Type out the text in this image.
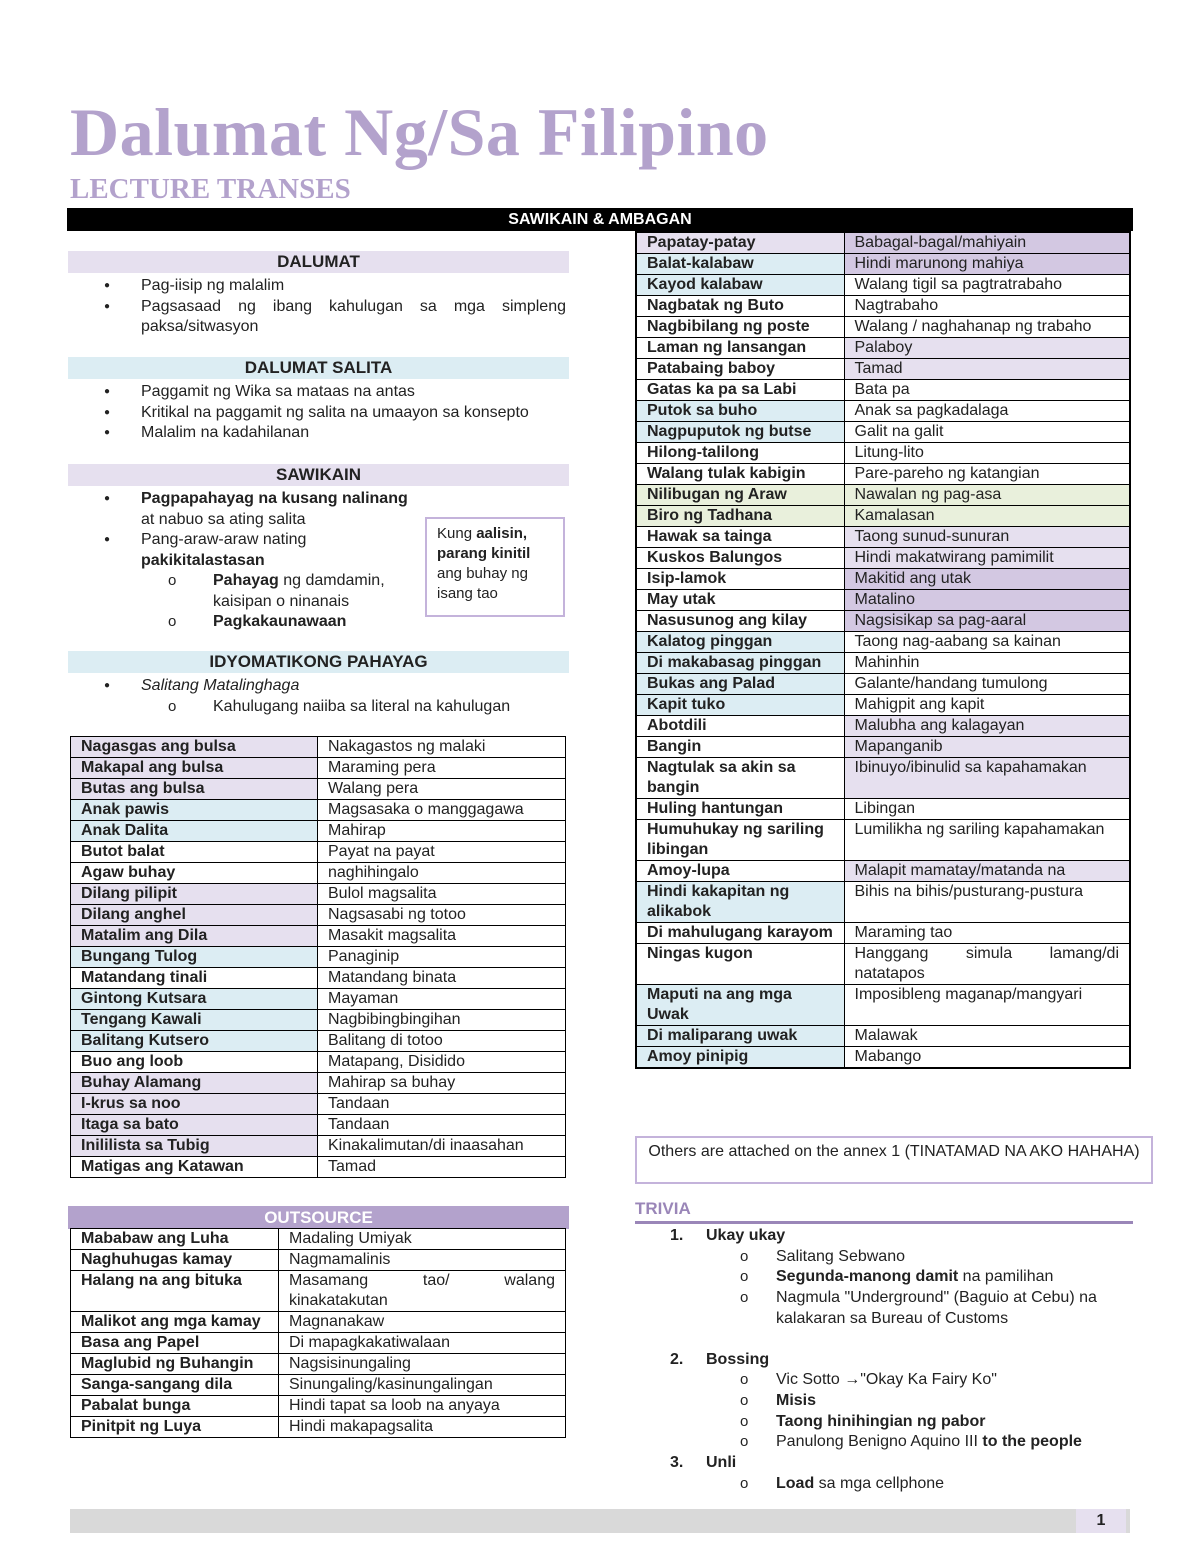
Dalumat Ng/Sa Filipino
LECTURE TRANSES
SAWIKAIN & AMBAGAN
DALUMAT
● Pag-iisip ng malalim
● Pagsasaad ng ibang kahulugan sa mga simpleng paksa/sitwasyon
DALUMAT SALITA
● Paggamit ng Wika sa mataas na antas
● Kritikal na paggamit ng salita na umaayon sa konsepto
● Malalim na kadahilanan
SAWIKAIN
● Pagpapahayag na kusang nalinang at nabuo sa ating salita
● Pang-araw-araw nating pakikitalastasan
o Pahayag ng damdamin, kaisipan o ninanais
o Pagkakaunawaan
Kung aalisin, parang kinitil ang buhay ng isang tao
IDYOMATIKONG PAHAYAG
● Salitang Matalinghaga
o Kahulugang naiiba sa literal na kahulugan
Nagasgas ang bulsa	Nakagastos ng malaki
Makapal ang bulsa	Maraming pera
Butas ang bulsa	Walang pera
Anak pawis	Magsasaka o manggagawa
Anak Dalita	Mahirap
Butot balat	Payat na payat
Agaw buhay	naghihingalo
Dilang pilipit	Bulol magsalita
Dilang anghel	Nagsasabi ng totoo
Matalim ang Dila	Masakit magsalita
Bungang Tulog	Panaginip
Matandang tinali	Matandang binata
Gintong Kutsara	Mayaman
Tengang Kawali	Nagbibingbingihan
Balitang Kutsero	Balitang di totoo
Buo ang loob	Matapang, Disidido
Buhay Alamang	Mahirap sa buhay
I-krus sa noo	Tandaan
Itaga sa bato	Tandaan
Inililista sa Tubig	Kinakalimutan/di inaasahan
Matigas ang Katawan	Tamad
OUTSOURCE
Mababaw ang Luha	Madaling Umiyak
Naghuhugas kamay	Nagmamalinis
Halang na ang bituka	Masamang tao/ walang kinakatakutan
Malikot ang mga kamay	Magnanakaw
Basa ang Papel	Di mapagkakatiwalaan
Maglubid ng Buhangin	Nagsisinungaling
Sanga-sangang dila	Sinungaling/kasinungalingan
Pabalat bunga	Hindi tapat sa loob na anyaya
Pinitpit ng Luya	Hindi makapagsalita
Papatay-patay	Babagal-bagal/mahiyain
Balat-kalabaw	Hindi marunong mahiya
Kayod kalabaw	Walang tigil sa pagtratrabaho
Nagbatak ng Buto	Nagtrabaho
Nagbibilang ng poste	Walang / naghahanap ng trabaho
Laman ng lansangan	Palaboy
Patabaing baboy	Tamad
Gatas ka pa sa Labi	Bata pa
Putok sa buho	Anak sa pagkadalaga
Nagpuputok ng butse	Galit na galit
Hilong-talilong	Litung-lito
Walang tulak kabigin	Pare-pareho ng katangian
Nilibugan ng Araw	Nawalan ng pag-asa
Biro ng Tadhana	Kamalasan
Hawak sa tainga	Taong sunud-sunuran
Kuskos Balungos	Hindi makatwirang pamimilit
Isip-lamok	Makitid ang utak
May utak	Matalino
Nasusunog ang kilay	Nagsisikap sa pag-aaral
Kalatog pinggan	Taong nag-aabang sa kainan
Di makabasag pinggan	Mahinhin
Bukas ang Palad	Galante/handang tumulong
Kapit tuko	Mahigpit ang kapit
Abotdili	Malubha ang kalagayan
Bangin	Mapanganib
Nagtulak sa akin sa bangin	Ibinuyo/ibinulid sa kapahamakan
Huling hantungan	Libingan
Humuhukay ng sariling libingan	Lumilikha ng sariling kapahamakan
Amoy-lupa	Malapit mamatay/matanda na
Hindi kakapitan ng alikabok	Bihis na bihis/pusturang-pustura
Di mahulugang karayom	Maraming tao
Ningas kugon	Hanggang simula lamang/di natatapos
Maputi na ang mga Uwak	Imposibleng maganap/mangyari
Di maliparang uwak	Malawak
Amoy pinipig	Mabango
Others are attached on the annex 1 (TINATAMAD NA AKO HAHAHA)
TRIVIA
1.	Ukay ukay
o Salitang Sebwano
o Segunda-manong damit na pamilihan
o Nagmula "Underground" (Baguio at Cebu) na kalakaran sa Bureau of Customs
2.	Bossing
o Vic Sotto →"Okay Ka Fairy Ko"
o Misis
o Taong hinihingian ng pabor
o Panulong Benigno Aquino III to the people
3.	Unli
o Load sa mga cellphone
1
